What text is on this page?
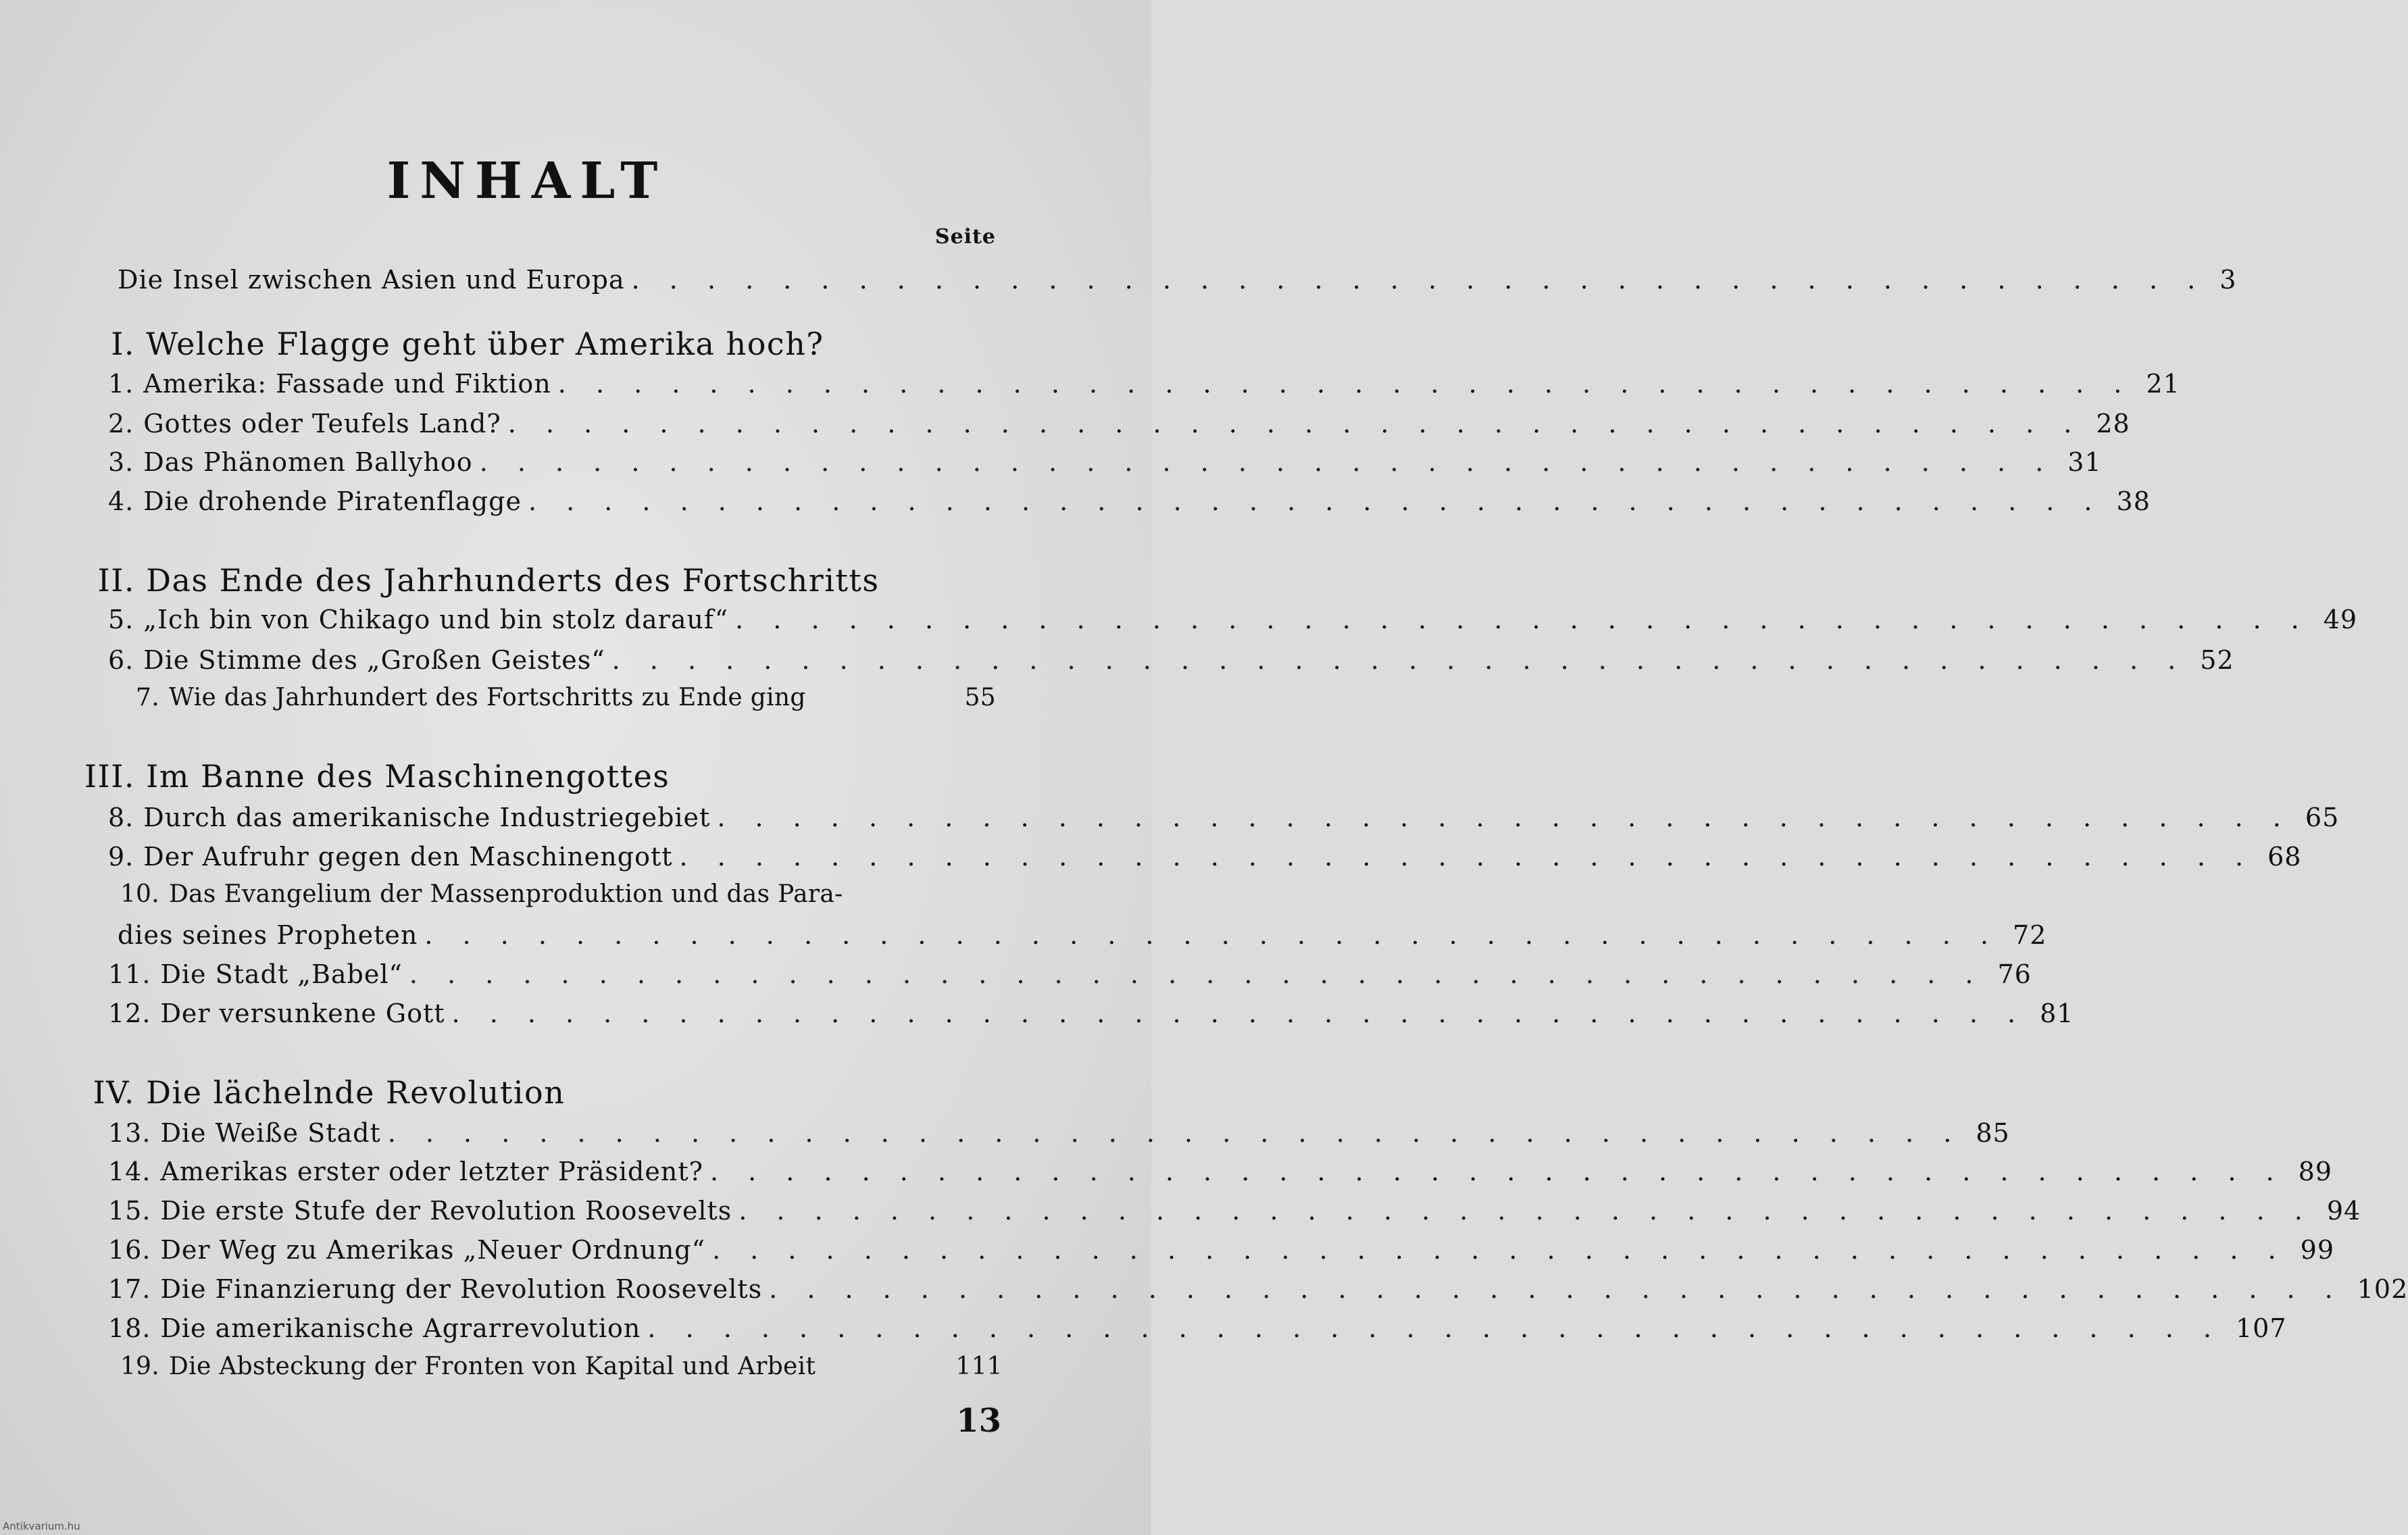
INHALT
Seite
Die Insel zwischen Asien und Europa . . . . . . . . . . . . . . . . . . . . . . . . . . . . . . . . . . . . . . . . . . 3
I. Welche Flagge geht über Amerika hoch?
1. Amerika: Fassade und Fiktion . . . . . . . . . . . . . . . . . . . . . . . . . . . . . . . . . . . . . . . . . . 21
2. Gottes oder Teufels Land? . . . . . . . . . . . . . . . . . . . . . . . . . . . . . . . . . . . . . . . . . . 28
3. Das Phänomen Ballyhoo . . . . . . . . . . . . . . . . . . . . . . . . . . . . . . . . . . . . . . . . . . 31
4. Die drohende Piratenflagge . . . . . . . . . . . . . . . . . . . . . . . . . . . . . . . . . . . . . . . . . . 38
II. Das Ende des Jahrhunderts des Fortschritts
5. „Ich bin von Chikago und bin stolz darauf“ . . . . . . . . . . . . . . . . . . . . . . . . . . . . . . . . . . . . . . . . . . 49
6. Die Stimme des „Großen Geistes“ . . . . . . . . . . . . . . . . . . . . . . . . . . . . . . . . . . . . . . . . . . 52
7. Wie das Jahrhundert des Fortschritts zu Ende ging	55
III. Im Banne des Maschinengottes
8. Durch das amerikanische Industriegebiet . . . . . . . . . . . . . . . . . . . . . . . . . . . . . . . . . . . . . . . . . . 65
9. Der Aufruhr gegen den Maschinengott . . . . . . . . . . . . . . . . . . . . . . . . . . . . . . . . . . . . . . . . . . 68
10. Das Evangelium der Massenproduktion und das Para-
dies seines Propheten . . . . . . . . . . . . . . . . . . . . . . . . . . . . . . . . . . . . . . . . . . 72
11. Die Stadt „Babel“ . . . . . . . . . . . . . . . . . . . . . . . . . . . . . . . . . . . . . . . . . . 76
12. Der versunkene Gott . . . . . . . . . . . . . . . . . . . . . . . . . . . . . . . . . . . . . . . . . . 81
IV. Die lächelnde Revolution
13. Die Weiße Stadt . . . . . . . . . . . . . . . . . . . . . . . . . . . . . . . . . . . . . . . . . . 85
14. Amerikas erster oder letzter Präsident? . . . . . . . . . . . . . . . . . . . . . . . . . . . . . . . . . . . . . . . . . . 89
15. Die erste Stufe der Revolution Roosevelts . . . . . . . . . . . . . . . . . . . . . . . . . . . . . . . . . . . . . . . . . . 94
16. Der Weg zu Amerikas „Neuer Ordnung“ . . . . . . . . . . . . . . . . . . . . . . . . . . . . . . . . . . . . . . . . . . 99
17. Die Finanzierung der Revolution Roosevelts . . . . . . . . . . . . . . . . . . . . . . . . . . . . . . . . . . . . . . . . . . 102
18. Die amerikanische Agrarrevolution . . . . . . . . . . . . . . . . . . . . . . . . . . . . . . . . . . . . . . . . . . 107
19. Die Absteckung der Fronten von Kapital und Arbeit	111
13
Antikvarium.hu
